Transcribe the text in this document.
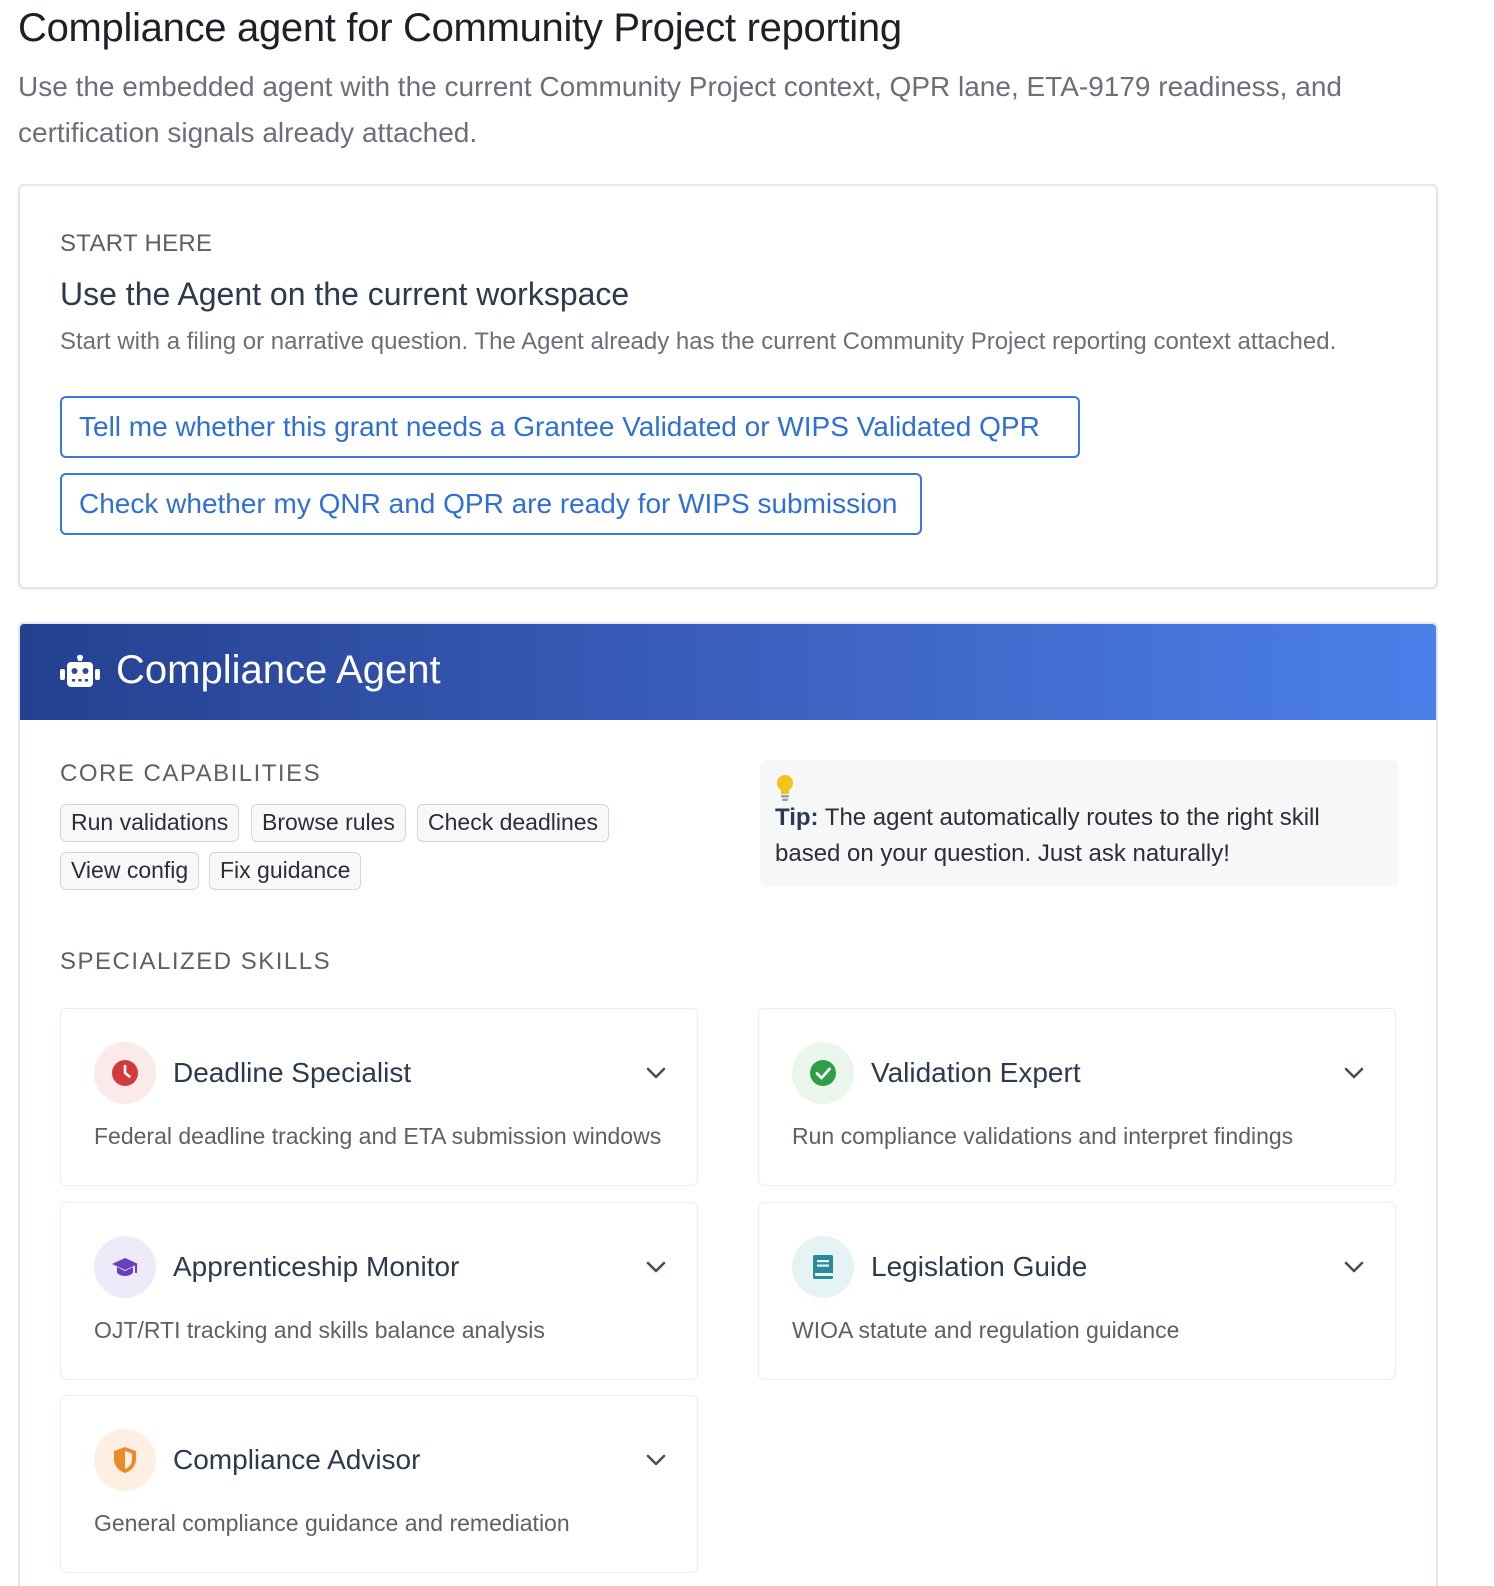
Compliance agent for Community Project reporting

Use the embedded agent with the current Community Project context, QPR lane, ETA-9179 readiness, and certification signals already attached.

START HERE
Use the Agent on the current workspace
Start with a filing or narrative question. The Agent already has the current Community Project reporting context attached.
Tell me whether this grant needs a Grantee Validated or WIPS Validated QPR
Check whether my QNR and QPR are ready for WIPS submission
Compliance Agent
CORE CAPABILITIES
Run validations	Browse rules	Check deadlines
View config	Fix guidance
Tip: The agent automatically routes to the right skill based on your question. Just ask naturally!
SPECIALIZED SKILLS
Deadline Specialist
Federal deadline tracking and ETA submission windows
Validation Expert
Run compliance validations and interpret findings
Apprenticeship Monitor
OJT/RTI tracking and skills balance analysis
Legislation Guide
WIOA statute and regulation guidance
Compliance Advisor
General compliance guidance and remediation
